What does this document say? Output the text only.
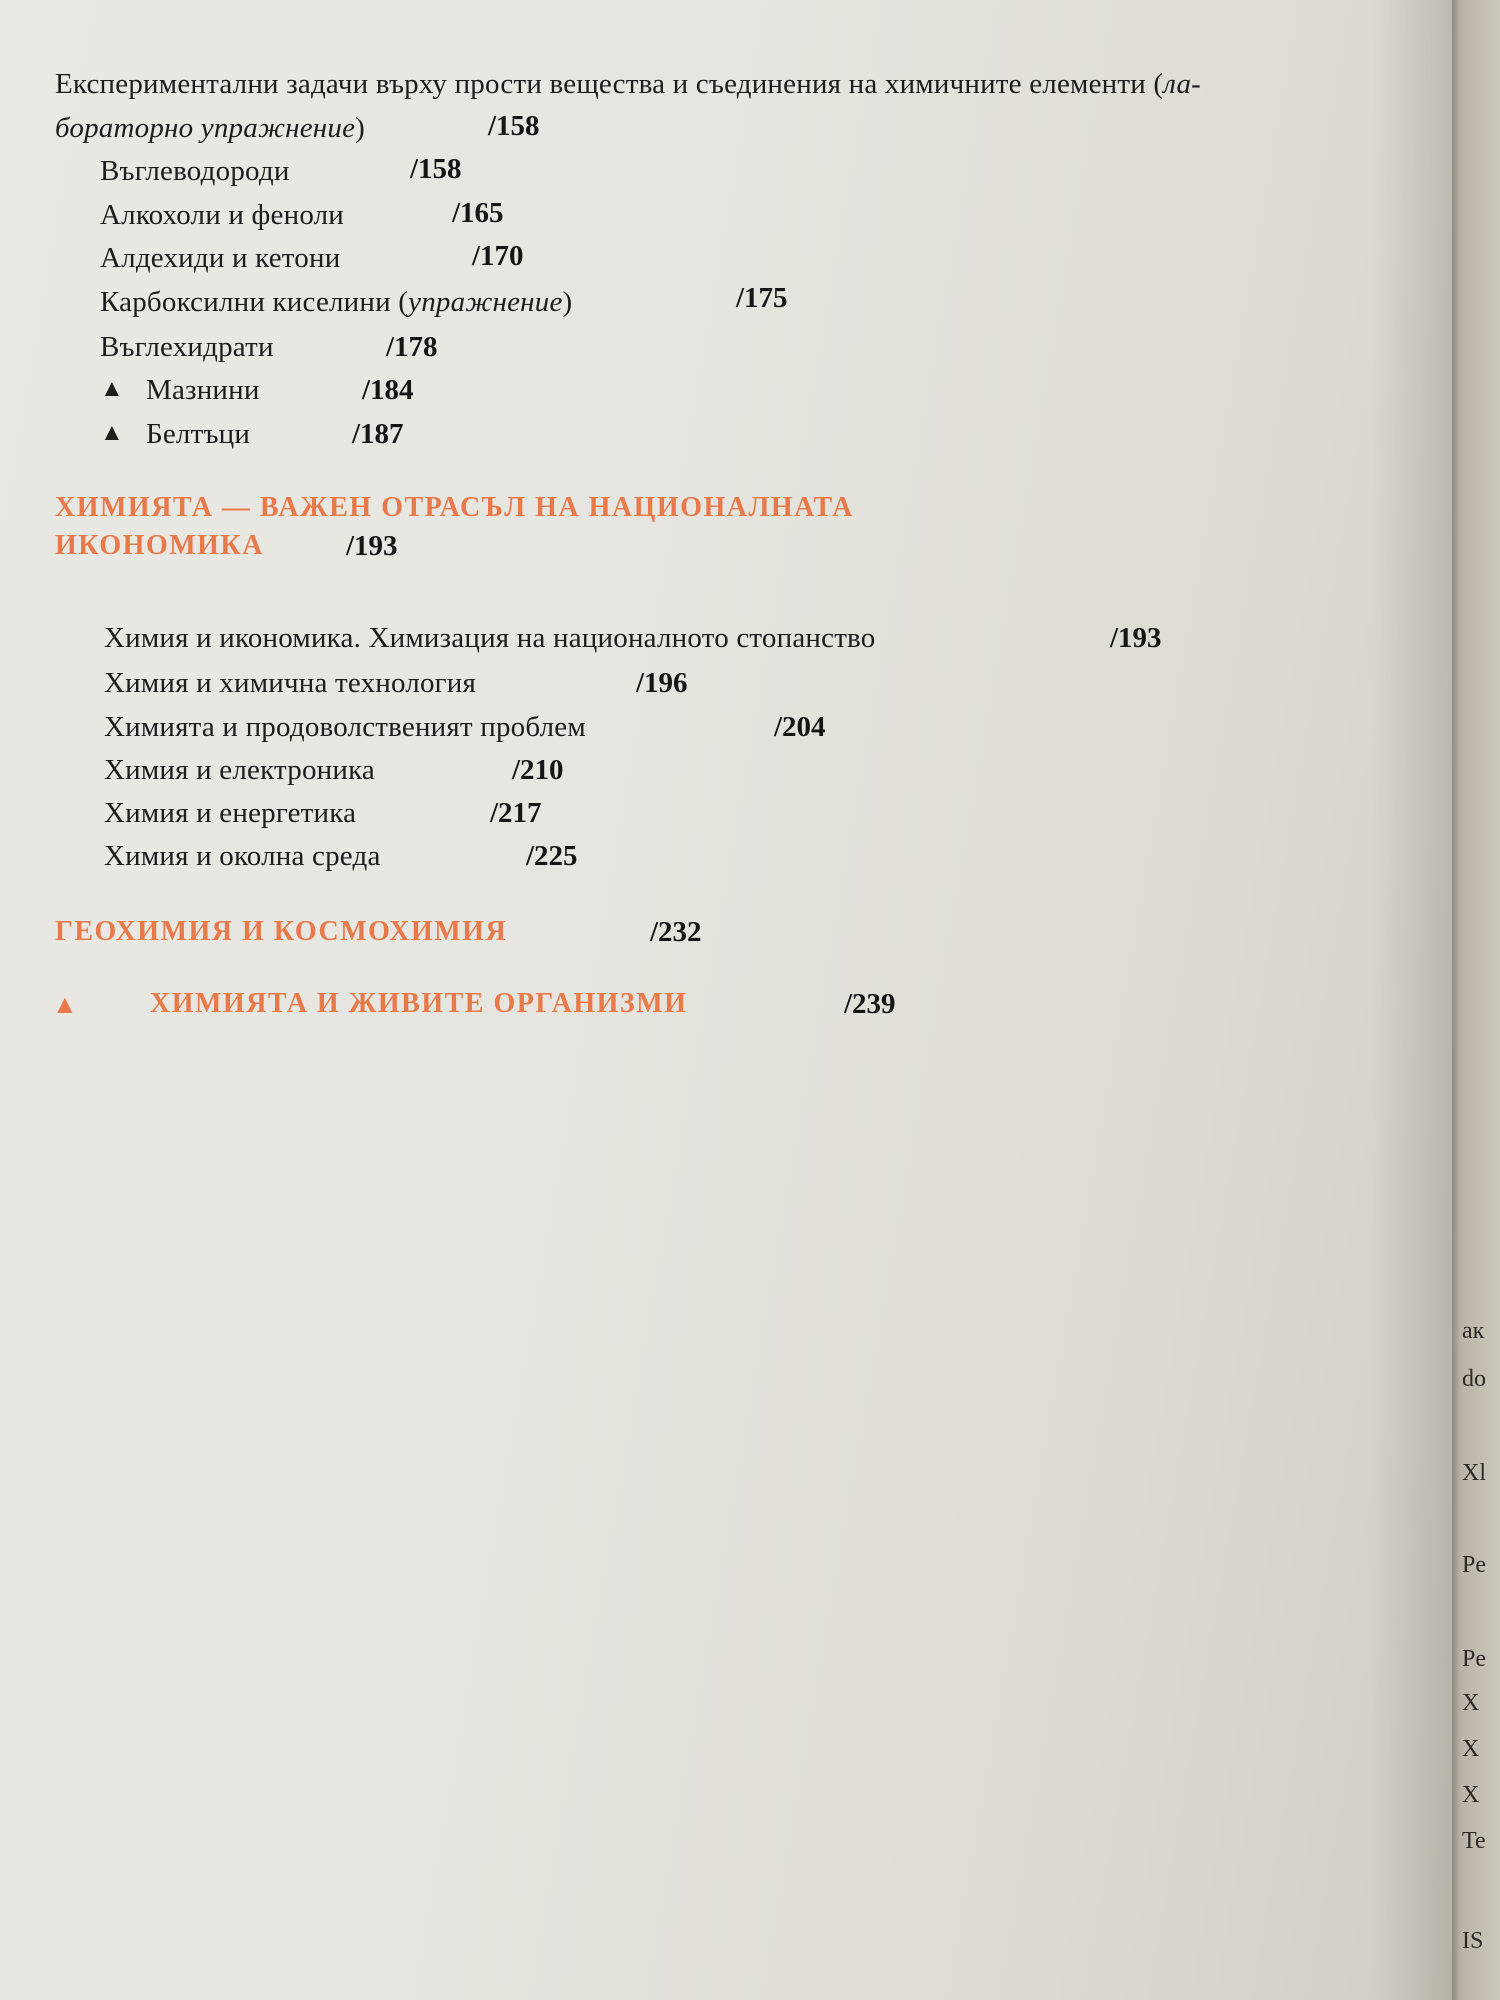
Експериментални задачи върху прости вещества и съединения на химичните елементи (ла-
бораторно упражнение)	/158
Въглеводороди	/158
Алкохоли и феноли	/165
Алдехиди и кетони	/170
Карбоксилни киселини (упражнение)	/175
Въглехидрати	/178
▲ Мазнини	/184
▲ Белтъци	/187
ХИМИЯТА — ВАЖЕН ОТРАСЪЛ НА НАЦИОНАЛНАТА
ИКОНОМИКА	/193
Химия и икономика. Химизация на националното стопанство	/193
Химия и химична технология	/196
Химията и продоволственият проблем	/204
Химия и електроника	/210
Химия и енергетика	/217
Химия и околна среда	/225
ГЕОХИМИЯ И КОСМОХИМИЯ	/232
▲	ХИМИЯТА И ЖИВИТЕ ОРГАНИЗМИ	/239
ак
do
Хl
Pe
Pe
X
X
X
Te
IS
